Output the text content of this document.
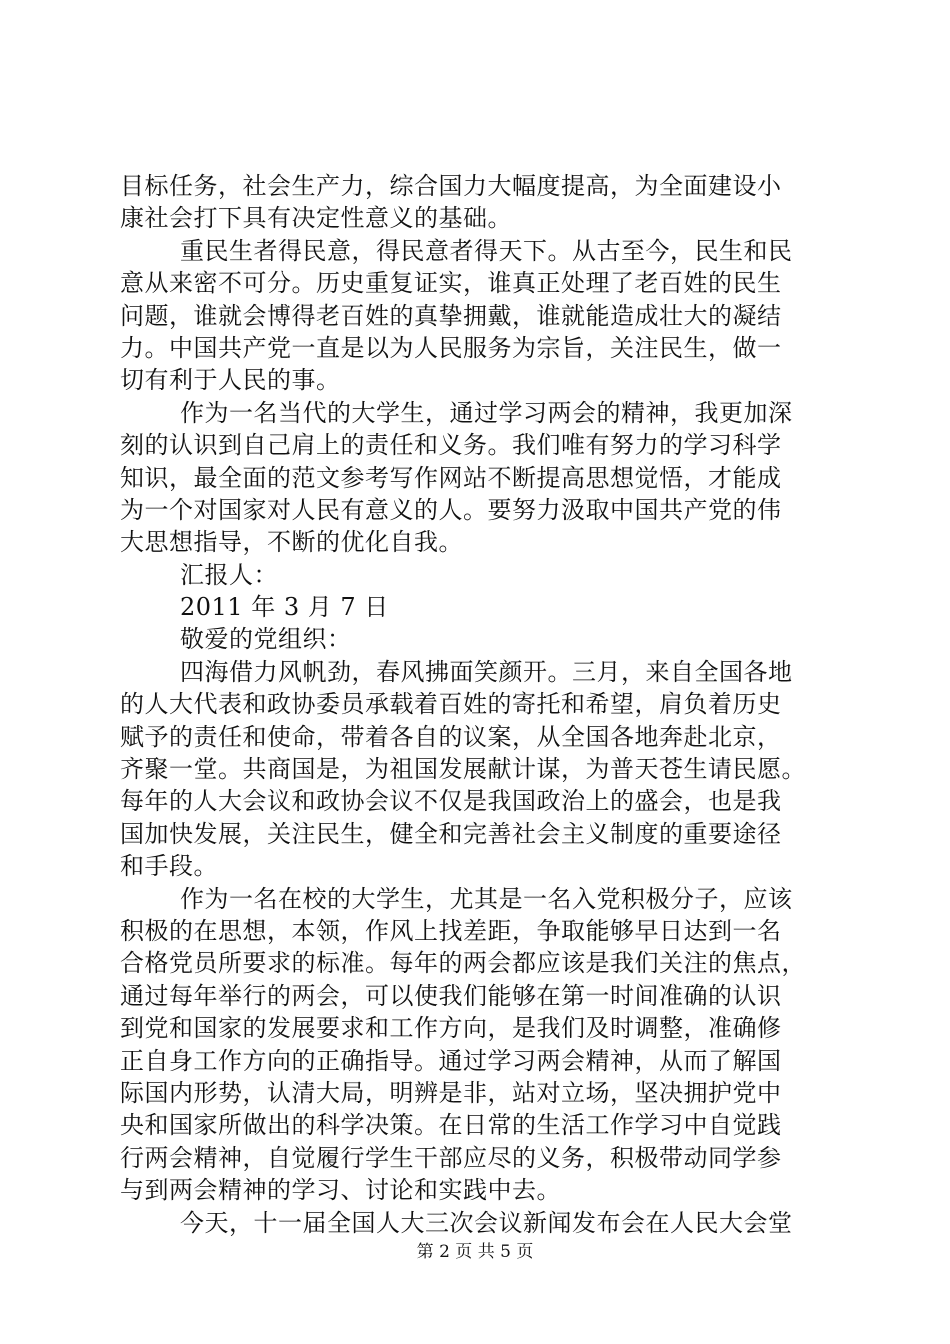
目标任务，社会生产力，综合国力大幅度提高，为全面建设小

康社会打下具有决定性意义的基础。

重民生者得民意，得民意者得天下。从古至今，民生和民

意从来密不可分。历史重复证实，谁真正处理了老百姓的民生

问题，谁就会博得老百姓的真挚拥戴，谁就能造成壮大的凝结

力。中国共产党一直是以为人民服务为宗旨，关注民生，做一

切有利于人民的事。

作为一名当代的大学生，通过学习两会的精神，我更加深

刻的认识到自己肩上的责任和义务。我们唯有努力的学习科学

知识，最全面的范文参考写作网站不断提高思想觉悟，才能成

为一个对国家对人民有意义的人。要努力汲取中国共产党的伟

大思想指导，不断的优化自我。

汇报人：

2011 年 3 月 7 日

敬爱的党组织：

四海借力风帆劲，春风拂面笑颜开。三月，来自全国各地

的人大代表和政协委员承载着百姓的寄托和希望，肩负着历史

赋予的责任和使命，带着各自的议案，从全国各地奔赴北京，

齐聚一堂。共商国是，为祖国发展献计谋，为普天苍生请民愿。

每年的人大会议和政协会议不仅是我国政治上的盛会，也是我

国加快发展，关注民生，健全和完善社会主义制度的重要途径

和手段。

作为一名在校的大学生，尤其是一名入党积极分子，应该

积极的在思想，本领，作风上找差距，争取能够早日达到一名

合格党员所要求的标准。每年的两会都应该是我们关注的焦点，

通过每年举行的两会，可以使我们能够在第一时间准确的认识

到党和国家的发展要求和工作方向，是我们及时调整，准确修

正自身工作方向的正确指导。通过学习两会精神，从而了解国

际国内形势，认清大局，明辨是非，站对立场，坚决拥护党中

央和国家所做出的科学决策。在日常的生活工作学习中自觉践

行两会精神，自觉履行学生干部应尽的义务，积极带动同学参

与到两会精神的学习、讨论和实践中去。

今天，十一届全国人大三次会议新闻发布会在人民大会堂

第 2 页 共 5 页
